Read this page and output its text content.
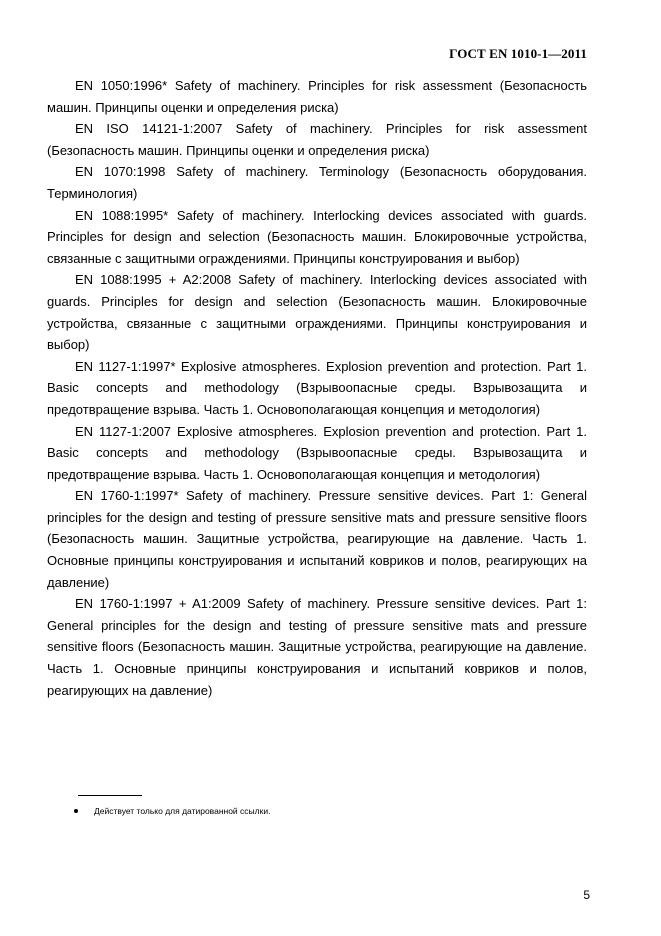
ГОСТ EN 1010-1—2011

EN 1050:1996* Safety of machinery. Principles for risk assessment (Безопасность машин. Принципы оценки и определения риска)

EN ISO 14121-1:2007 Safety of machinery. Principles for risk assessment (Безопасность машин. Принципы оценки и определения риска)

EN 1070:1998 Safety of machinery. Terminology (Безопасность оборудования. Терминология)

EN 1088:1995* Safety of machinery. Interlocking devices associated with guards. Principles for design and selection (Безопасность машин. Блокировочные устройства, связанные с защитными ограждениями. Принципы конструирования и выбор)

EN 1088:1995 + A2:2008 Safety of machinery. Interlocking devices associated with guards. Principles for design and selection (Безопасность машин. Блокировочные устройства, связанные с защитными ограждениями. Принципы конструирования и выбор)

EN 1127-1:1997* Explosive atmospheres. Explosion prevention and protection. Part 1. Basic concepts and methodology (Взрывоопасные среды. Взрывозащита и предотвращение взрыва. Часть 1. Основополагающая концепция и методология)

EN 1127-1:2007 Explosive atmospheres. Explosion prevention and protection. Part 1. Basic concepts and methodology (Взрывоопасные среды. Взрывозащита и предотвращение взрыва. Часть 1. Основополагающая концепция и методология)

EN 1760-1:1997* Safety of machinery. Pressure sensitive devices. Part 1: General principles for the design and testing of pressure sensitive mats and pressure sensitive floors (Безопасность машин. Защитные устройства, реагирующие на давление. Часть 1. Основные принципы конструирования и испытаний ковриков и полов, реагирующих на давление)

EN 1760-1:1997 + A1:2009 Safety of machinery. Pressure sensitive devices. Part 1: General principles for the design and testing of pressure sensitive mats and pressure sensitive floors (Безопасность машин. Защитные устройства, реагирующие на давление. Часть 1. Основные принципы конструирования и испытаний ковриков и полов, реагирующих на давление)

Действует только для датированной ссылки.
5
